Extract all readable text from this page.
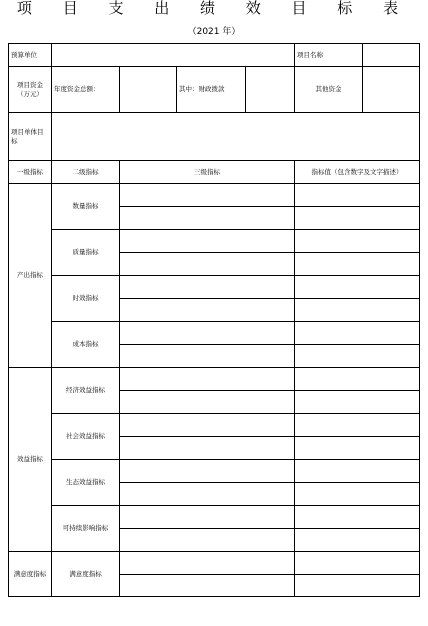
项 目 支 出 绩 效 目 标 表
（2021 年）
预算单位					项目名称	
项目资金（万元）	年度资金总额：		其中：财政拨款		其他资金	
项目单体目标						
一级指标	二级指标	三级指标			指标值（包含数字及文字描述）	
产出指标	数量指标					

	质量指标					

	时效指标					

	成本指标					

效益指标	经济效益指标					

	社会效益指标					

	生态效益指标					

	可持续影响指标					

满意度指标	满意度指标					
